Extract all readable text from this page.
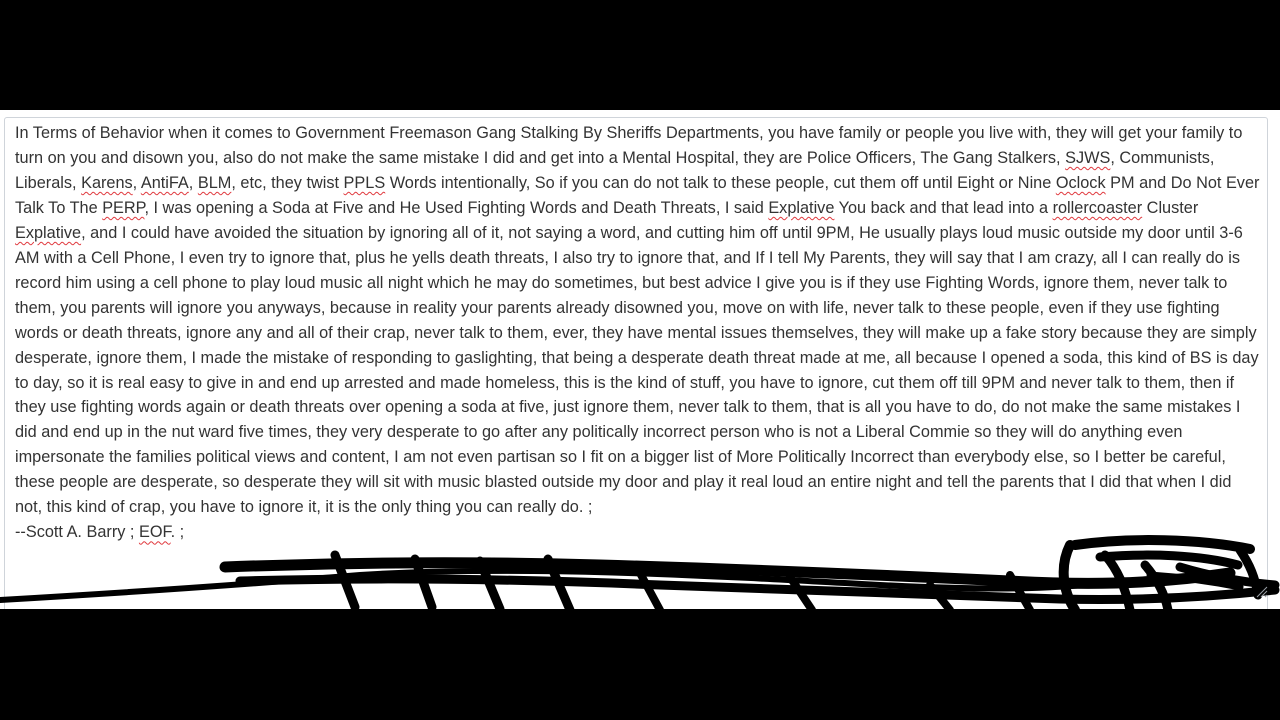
In Terms of Behavior when it comes to Government Freemason Gang Stalking By Sheriffs Departments, you have family or people you live with, they will get your family to turn on you and disown you, also do not make the same mistake I did and get into a Mental Hospital, they are Police Officers, The Gang Stalkers, SJWS, Communists, Liberals, Karens, AntiFA, BLM, etc, they twist PPLS Words intentionally, So if you can do not talk to these people, cut them off until Eight or Nine Oclock PM and Do Not Ever Talk To The PERP, I was opening a Soda at Five and He Used Fighting Words and Death Threats, I said Explative You back and that lead into a rollercoaster Cluster Explative, and I could have avoided the situation by ignoring all of it, not saying a word, and cutting him off until 9PM, He usually plays loud music outside my door until 3-6 AM with a Cell Phone, I even try to ignore that, plus he yells death threats, I also try to ignore that, and If I tell My Parents, they will say that I am crazy, all I can really do is record him using a cell phone to play loud music all night which he may do sometimes, but best advice I give you is if they use Fighting Words, ignore them, never talk to them, you parents will ignore you anyways, because in reality your parents already disowned you, move on with life, never talk to these people, even if they use fighting words or death threats, ignore any and all of their crap, never talk to them, ever, they have mental issues themselves, they will make up a fake story because they are simply desperate, ignore them, I made the mistake of responding to gaslighting, that being a desperate death threat made at me, all because I opened a soda, this kind of BS is day to day, so it is real easy to give in and end up arrested and made homeless, this is the kind of stuff, you have to ignore, cut them off till 9PM and never talk to them, then if they use fighting words again or death threats over opening a soda at five, just ignore them, never talk to them, that is all you have to do, do not make the same mistakes I did and end up in the nut ward five times, they very desperate to go after any politically incorrect person who is not a Liberal Commie so they will do anything even impersonate the families political views and content, I am not even partisan so I fit on a bigger list of More Politically Incorrect than everybody else, so I better be careful, these people are desperate, so desperate they will sit with music blasted outside my door and play it real loud an entire night and tell the parents that I did that when I did not, this kind of crap, you have to ignore it, it is the only thing you can really do. ;
--Scott A. Barry ; EOF. ;
